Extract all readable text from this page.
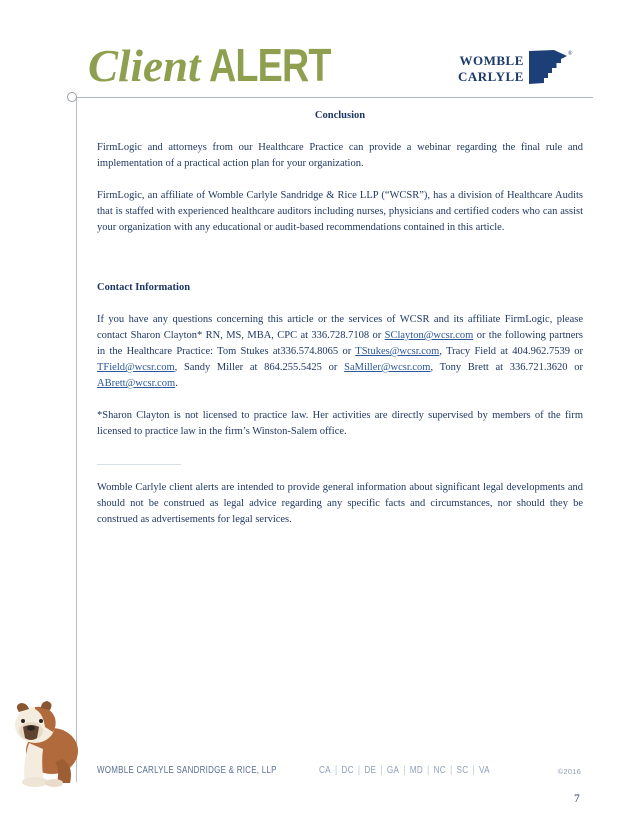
Client ALERT	womble
carlyle
®

Conclusion

FirmLogic and attorneys from our Healthcare Practice can provide a webinar regarding the final rule and implementation of a practical action plan for your organization.

FirmLogic, an affiliate of Womble Carlyle Sandridge & Rice LLP (“WCSR”), has a division of Healthcare Audits that is staffed with experienced healthcare auditors including nurses, physicians and certified coders who can assist your organization with any educational or audit-based recommendations contained in this article.

Contact Information

If you have any questions concerning this article or the services of WCSR and its affiliate FirmLogic, please contact Sharon Clayton* RN, MS, MBA, CPC at 336.728.7108 or SClayton@wcsr.com or the following partners in the Healthcare Practice: Tom Stukes at336.574.8065 or TStukes@wcsr.com, Tracy Field at 404.962.7539 or TField@wcsr.com, Sandy Miller at 864.255.5425 or SaMiller@wcsr.com, Tony Brett at 336.721.3620 or ABrett@wcsr.com.

*Sharon Clayton is not licensed to practice law. Her activities are directly supervised by members of the firm licensed to practice law in the firm’s Winston-Salem office.

________________

Womble Carlyle client alerts are intended to provide general information about significant legal developments and should not be construed as legal advice regarding any specific facts and circumstances, nor should they be construed as advertisements for legal services.

WOMBLE CARLYLE SANDRIDGE & RICE, LLP	CA | DC | DE | GA | MD | NC | SC | VA	©2016
7
